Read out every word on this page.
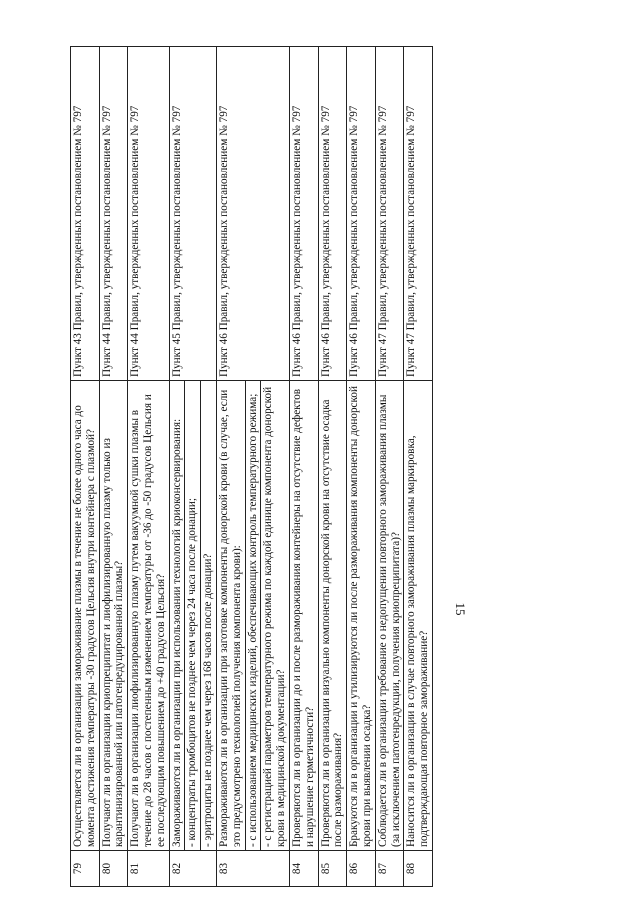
15
79	Осуществляется ли в организации замораживание плазмы в течение не более одного часа до момента достижения температуры -30 градусов Цельсия внутри контейнера с плазмой?	Пункт 43 Правил, утвержденных постановлением № 797
80	Получают ли в организации криопреципитат и лиофилизированную плазму только из карантинизированной или патогенредуцированной плазмы?	Пункт 44 Правил, утвержденных постановлением № 797
81	Получают ли в организации лиофилизированную плазму путем вакуумной сушки плазмы в течение до 28 часов с постепенным изменением температуры от -36 до -50 градусов Цельсия и ее последующим повышением до +40 градусов Цельсия?	Пункт 44 Правил, утвержденных постановлением № 797
82	Замораживаются ли в организации при использовании технологий криоконсервирования:	Пункт 45 Правил, утвержденных постановлением № 797
	- концентраты тромбоцитов не позднее чем через 24 часа после донации;	
	- эритроциты не позднее чем через 168 часов после донации?	
83	Размораживаются ли в организации при заготовке компоненты донорской крови (в случае, если это предусмотрено технологией получения компонента крови):	Пункт 46 Правил, утвержденных постановлением № 797
	- с использованием медицинских изделий, обеспечивающих контроль температурного режима;	
	- с регистрацией параметров температурного режима по каждой единице компонента донорской крови в медицинской документации?	
84	Проверяются ли в организации до и после размораживания контейнеры на отсутствие дефектов и нарушение герметичности?	Пункт 46 Правил, утвержденных постановлением № 797
85	Проверяются ли в организации визуально компоненты донорской крови на отсутствие осадка после размораживания?	Пункт 46 Правил, утвержденных постановлением № 797
86	Бракуются ли в организации и утилизируются ли после размораживания компоненты донорской крови при выявлении осадка?	Пункт 46 Правил, утвержденных постановлением № 797
87	Соблюдается ли в организации требование о недопущении повторного замораживания плазмы (за исключением патогенредукции, получения криопреципитата)?	Пункт 47 Правил, утвержденных постановлением № 797
88	Наносится ли в организации в случае повторного замораживания плазмы маркировка, подтверждающая повторное замораживание?	Пункт 47 Правил, утвержденных постановлением № 797
